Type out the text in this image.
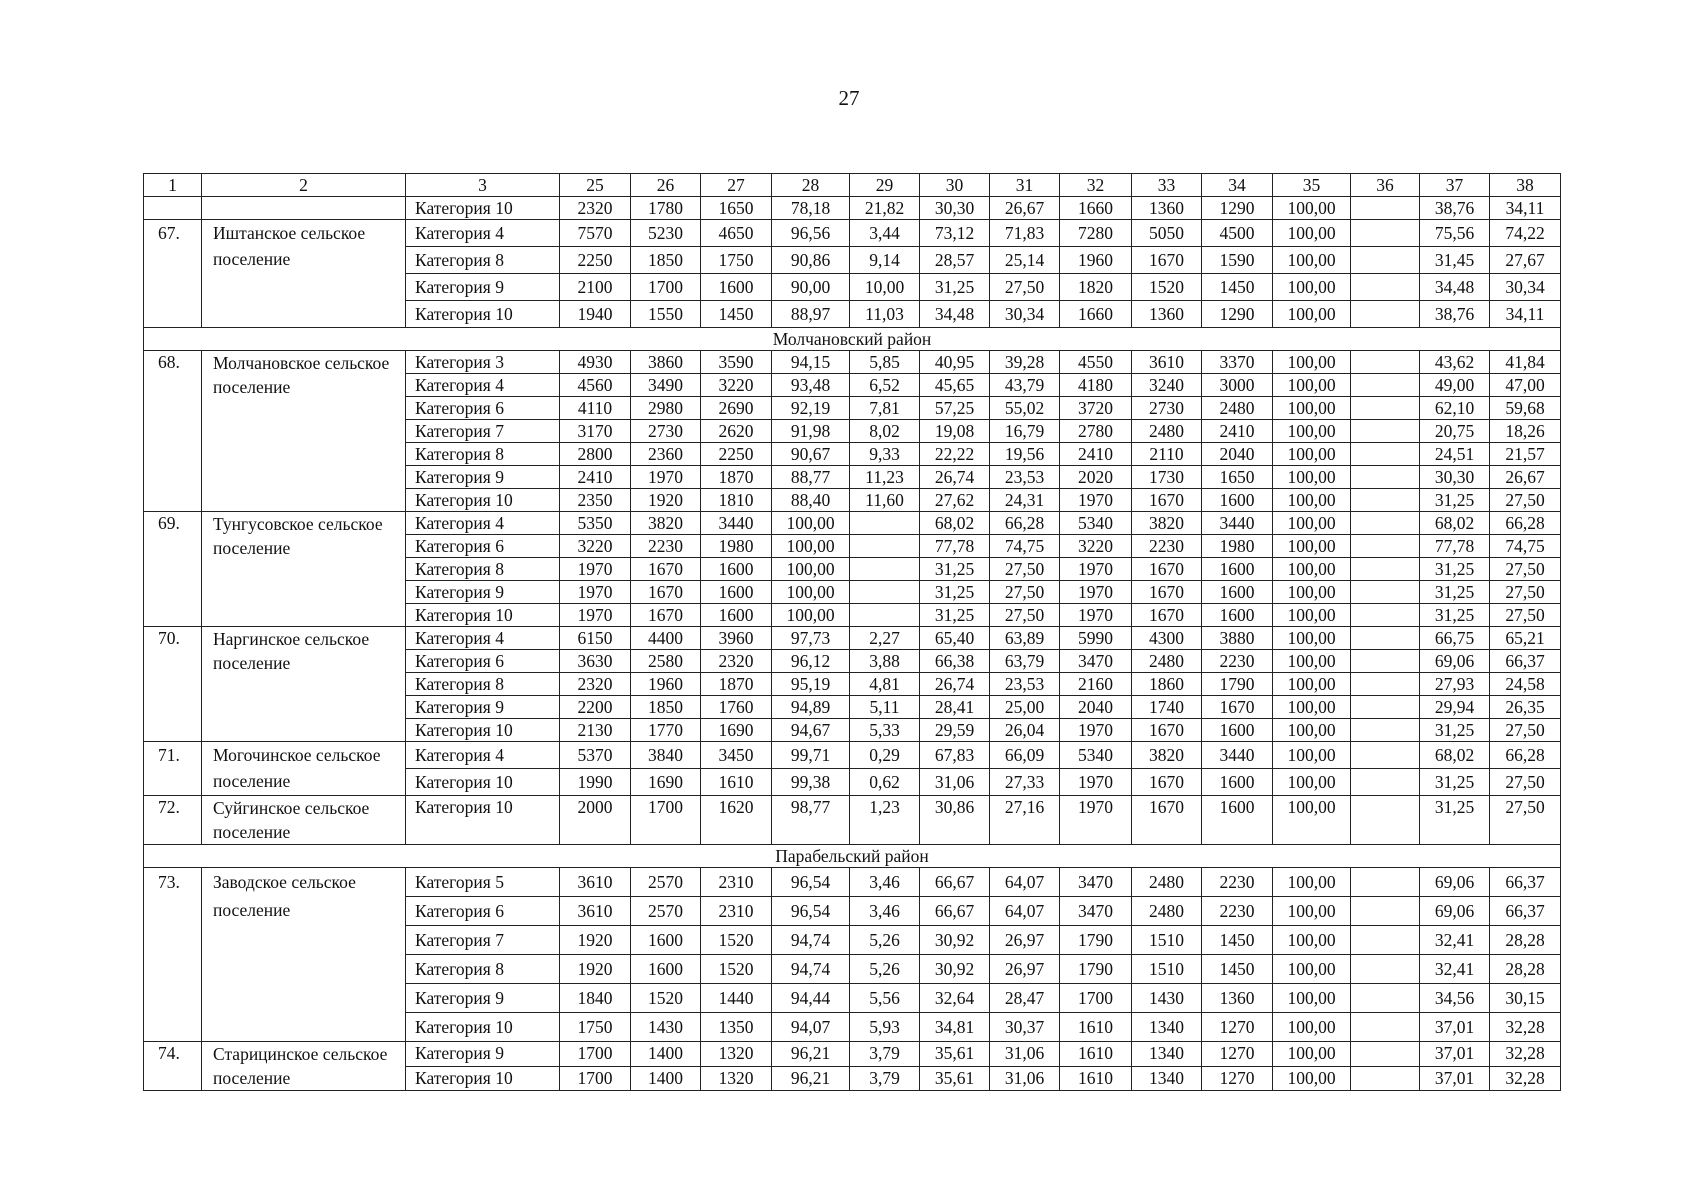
27
1	2	3	25	26	27	28	29	30	31	32	33	34	35	36	37	38
		Категория 10	2320	1780	1650	78,18	21,82	30,30	26,67	1660	1360	1290	100,00		38,76	34,11
67.	Иштанское сельское поселение	Категория 4	7570	5230	4650	96,56	3,44	73,12	71,83	7280	5050	4500	100,00		75,56	74,22
		Категория 8	2250	1850	1750	90,86	9,14	28,57	25,14	1960	1670	1590	100,00		31,45	27,67
		Категория 9	2100	1700	1600	90,00	10,00	31,25	27,50	1820	1520	1450	100,00		34,48	30,34
		Категория 10	1940	1550	1450	88,97	11,03	34,48	30,34	1660	1360	1290	100,00		38,76	34,11
Молчановский район																
68.	Молчановское сельское поселение	Категория 3	4930	3860	3590	94,15	5,85	40,95	39,28	4550	3610	3370	100,00		43,62	41,84
		Категория 4	4560	3490	3220	93,48	6,52	45,65	43,79	4180	3240	3000	100,00		49,00	47,00
		Категория 6	4110	2980	2690	92,19	7,81	57,25	55,02	3720	2730	2480	100,00		62,10	59,68
		Категория 7	3170	2730	2620	91,98	8,02	19,08	16,79	2780	2480	2410	100,00		20,75	18,26
		Категория 8	2800	2360	2250	90,67	9,33	22,22	19,56	2410	2110	2040	100,00		24,51	21,57
		Категория 9	2410	1970	1870	88,77	11,23	26,74	23,53	2020	1730	1650	100,00		30,30	26,67
		Категория 10	2350	1920	1810	88,40	11,60	27,62	24,31	1970	1670	1600	100,00		31,25	27,50
69.	Тунгусовское сельское поселение	Категория 4	5350	3820	3440	100,00		68,02	66,28	5340	3820	3440	100,00		68,02	66,28
		Категория 6	3220	2230	1980	100,00		77,78	74,75	3220	2230	1980	100,00		77,78	74,75
		Категория 8	1970	1670	1600	100,00		31,25	27,50	1970	1670	1600	100,00		31,25	27,50
		Категория 9	1970	1670	1600	100,00		31,25	27,50	1970	1670	1600	100,00		31,25	27,50
		Категория 10	1970	1670	1600	100,00		31,25	27,50	1970	1670	1600	100,00		31,25	27,50
70.	Наргинское сельское поселение	Категория 4	6150	4400	3960	97,73	2,27	65,40	63,89	5990	4300	3880	100,00		66,75	65,21
		Категория 6	3630	2580	2320	96,12	3,88	66,38	63,79	3470	2480	2230	100,00		69,06	66,37
		Категория 8	2320	1960	1870	95,19	4,81	26,74	23,53	2160	1860	1790	100,00		27,93	24,58
		Категория 9	2200	1850	1760	94,89	5,11	28,41	25,00	2040	1740	1670	100,00		29,94	26,35
		Категория 10	2130	1770	1690	94,67	5,33	29,59	26,04	1970	1670	1600	100,00		31,25	27,50
71.	Могочинское сельское поселение	Категория 4	5370	3840	3450	99,71	0,29	67,83	66,09	5340	3820	3440	100,00		68,02	66,28
		Категория 10	1990	1690	1610	99,38	0,62	31,06	27,33	1970	1670	1600	100,00		31,25	27,50
72.	Суйгинское сельское поселение	Категория 10	2000	1700	1620	98,77	1,23	30,86	27,16	1970	1670	1600	100,00		31,25	27,50
Парабельский район																
73.	Заводское сельское поселение	Категория 5	3610	2570	2310	96,54	3,46	66,67	64,07	3470	2480	2230	100,00		69,06	66,37
		Категория 6	3610	2570	2310	96,54	3,46	66,67	64,07	3470	2480	2230	100,00		69,06	66,37
		Категория 7	1920	1600	1520	94,74	5,26	30,92	26,97	1790	1510	1450	100,00		32,41	28,28
		Категория 8	1920	1600	1520	94,74	5,26	30,92	26,97	1790	1510	1450	100,00		32,41	28,28
		Категория 9	1840	1520	1440	94,44	5,56	32,64	28,47	1700	1430	1360	100,00		34,56	30,15
		Категория 10	1750	1430	1350	94,07	5,93	34,81	30,37	1610	1340	1270	100,00		37,01	32,28
74.	Старицинское сельское поселение	Категория 9	1700	1400	1320	96,21	3,79	35,61	31,06	1610	1340	1270	100,00		37,01	32,28
		Категория 10	1700	1400	1320	96,21	3,79	35,61	31,06	1610	1340	1270	100,00		37,01	32,28
